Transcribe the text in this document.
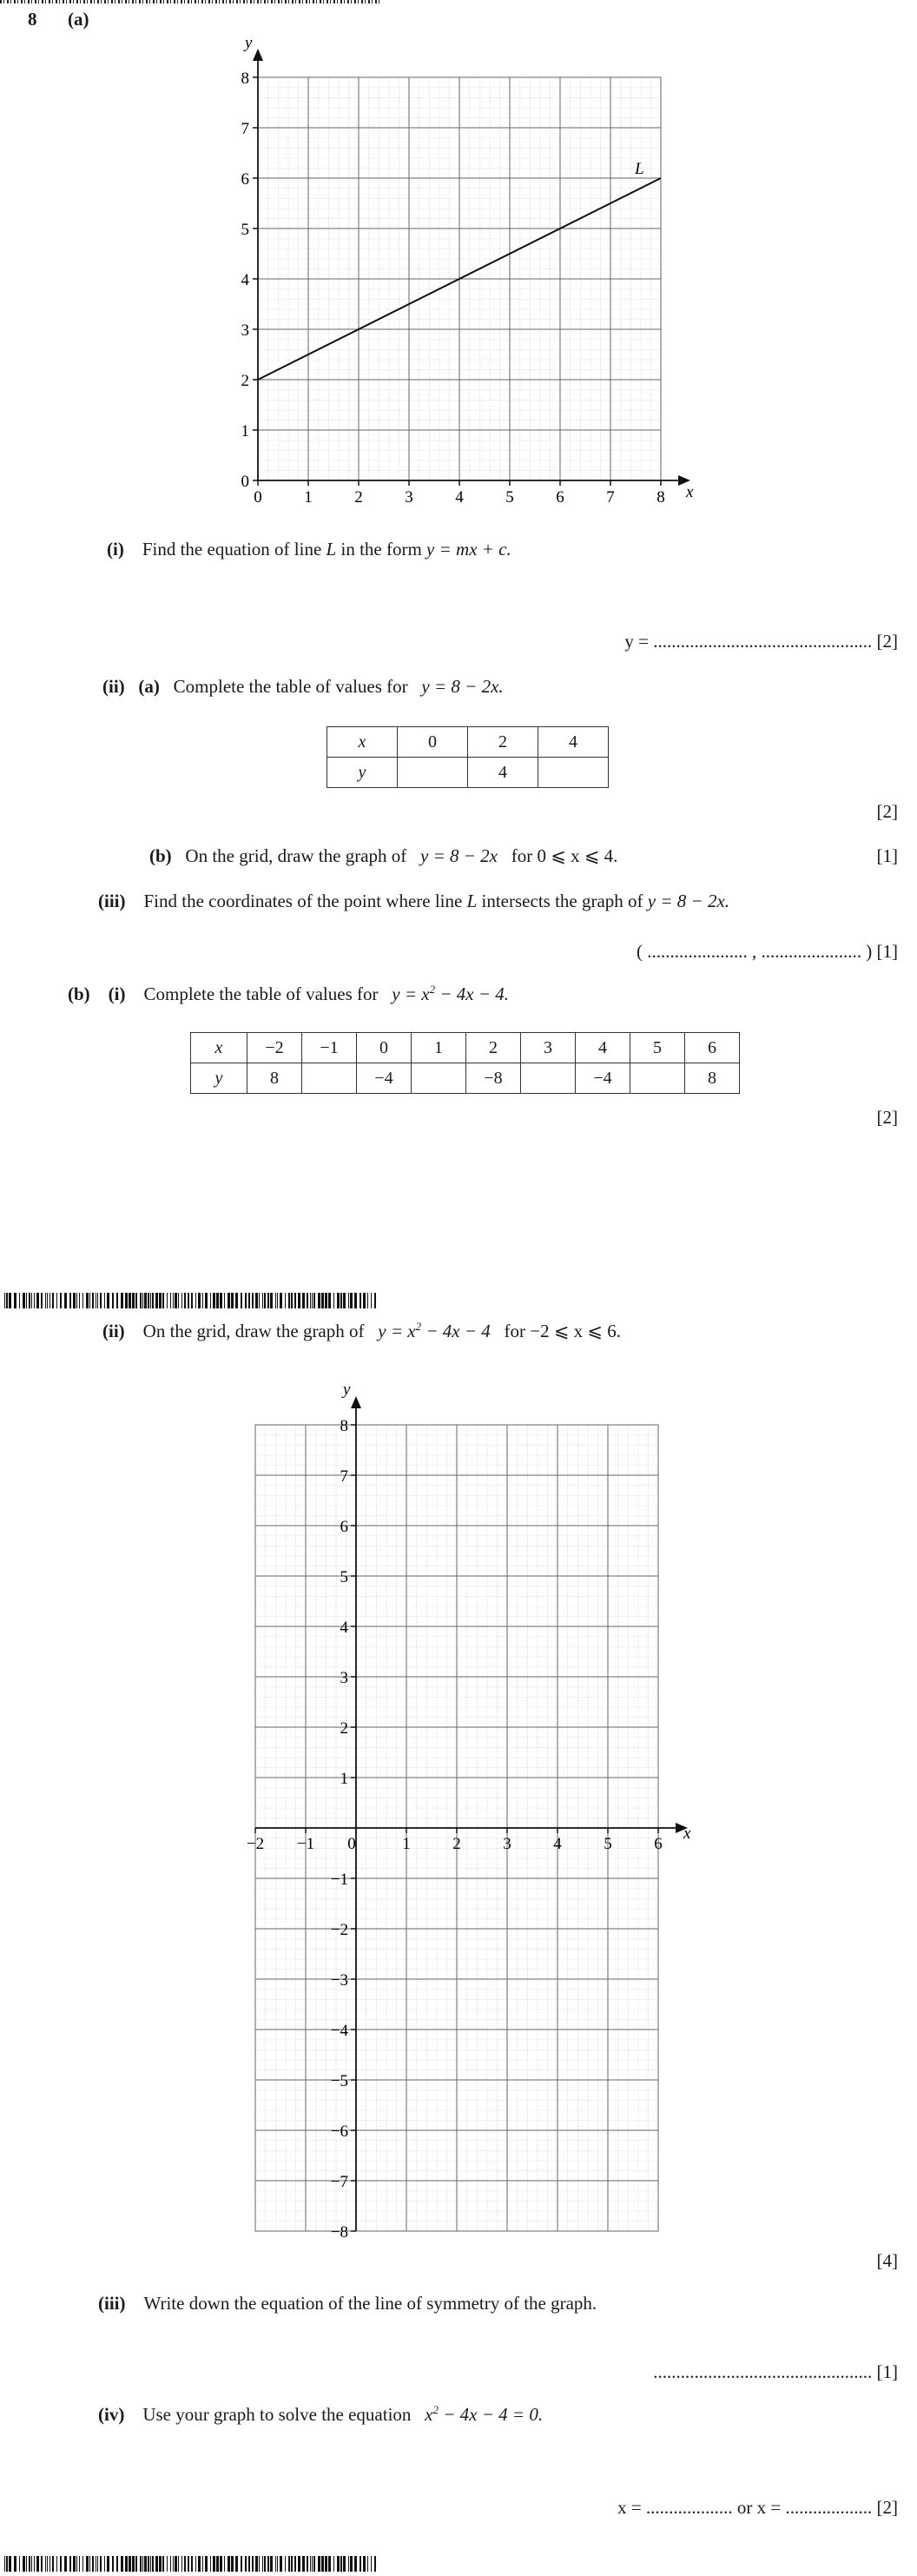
8 (a)
x
y
0	1	2	3	4	5	6	7	8
0
1
2
3
4
5
6
7
8
L
(i) Find the equation of line L in the form y = mx + c.
y = ................................................ [2]
(ii) (a) Complete the table of values for y = 8 − 2x.
x	0	2	4
y		4	
[2]
(b) On the grid, draw the graph of y = 8 − 2x for 0 ⩽ x ⩽ 4.	[1]
(iii) Find the coordinates of the point where line L intersects the graph of y = 8 − 2x.
( ...................... , ...................... ) [1]
(b) (i) Complete the table of values for $y = x^2 - 4x - 4$.
x	−2	−1	0	1	2	3	4	5	6
y	8		−4		−8		−4		8
[2]
(ii) On the grid, draw the graph of $y = x^2 - 4x - 4$ for −2 ⩽ x ⩽ 6.
x
y
−2 −1 0	1	2	3	4	5	6
8
7
6
5
4
3
2
1
−1
−2
−3
−4
−5
−6
−7
−8
[4]
(iii) Write down the equation of the line of symmetry of the graph.
................................................ [1]
(iv) Use your graph to solve the equation $x^2 - 4x - 4 = 0$.
x = ................... or x = ................... [2]
